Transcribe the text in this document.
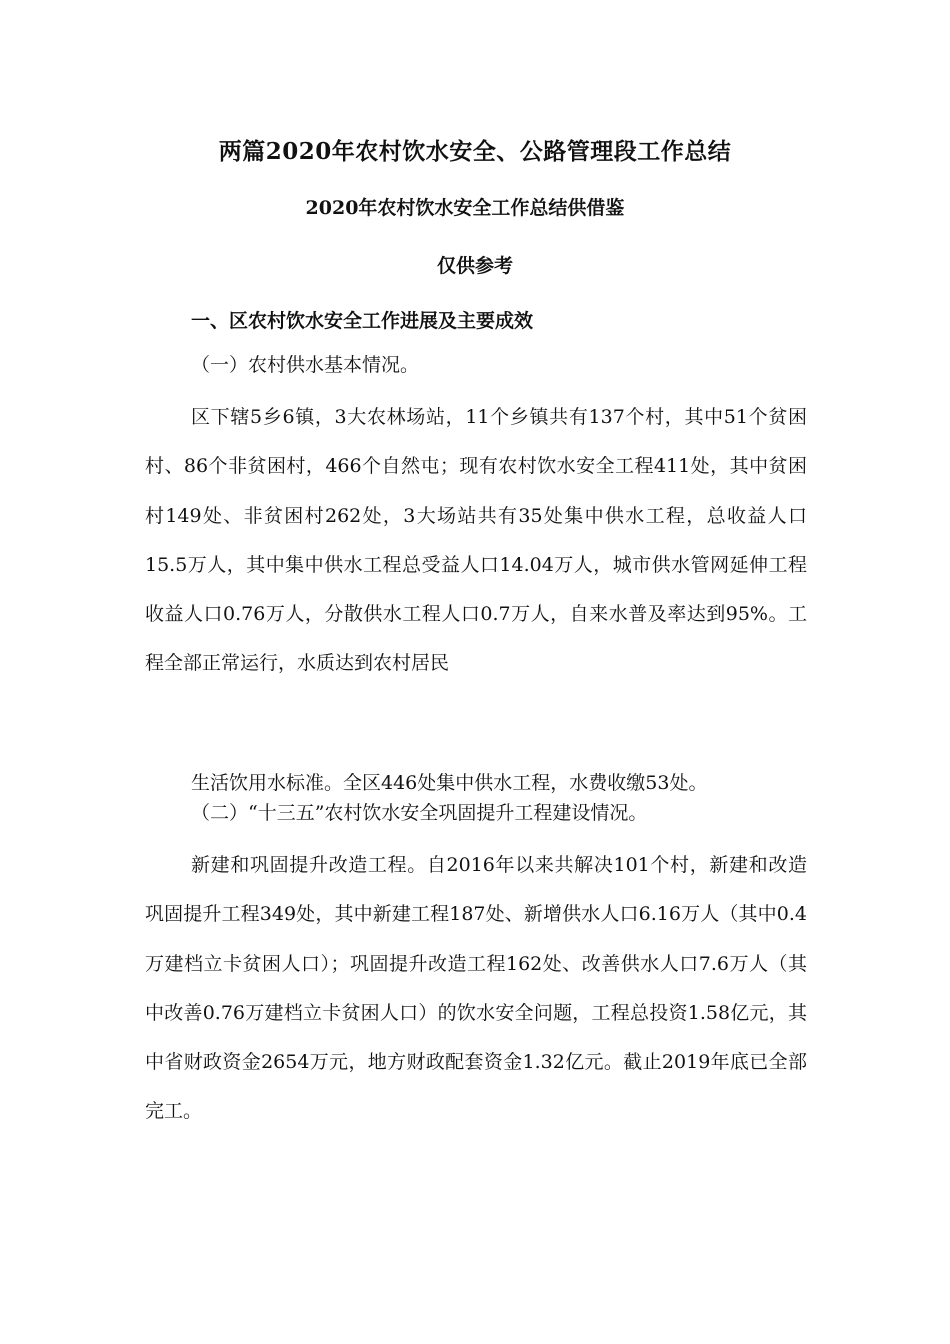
两篇2020年农村饮水安全、公路管理段工作总结
2020年农村饮水安全工作总结供借鉴

仅供参考

一、区农村饮水安全工作进展及主要成效

（一）农村供水基本情况。

区下辖5乡6镇，3大农林场站，11个乡镇共有137个村，其中51个贫困村、86个非贫困村，466个自然屯；现有农村饮水安全工程411处，其中贫困村149处、非贫困村262处，3大场站共有35处集中供水工程，总收益人口15.5万人，其中集中供水工程总受益人口14.04万人，城市供水管网延伸工程收益人口0.76万人，分散供水工程人口0.7万人，自来水普及率达到95%。工程全部正常运行，水质达到农村居民

生活饮用水标准。全区446处集中供水工程，水费收缴53处。

（二）“十三五”农村饮水安全巩固提升工程建设情况。

新建和巩固提升改造工程。自2016年以来共解决101个村，新建和改造巩固提升工程349处，其中新建工程187处、新增供水人口6.16万人（其中0.4万建档立卡贫困人口）；巩固提升改造工程162处、改善供水人口7.6万人（其中改善0.76万建档立卡贫困人口）的饮水安全问题，工程总投资1.58亿元，其中省财政资金2654万元，地方财政配套资金1.32亿元。截止2019年底已全部完工。
